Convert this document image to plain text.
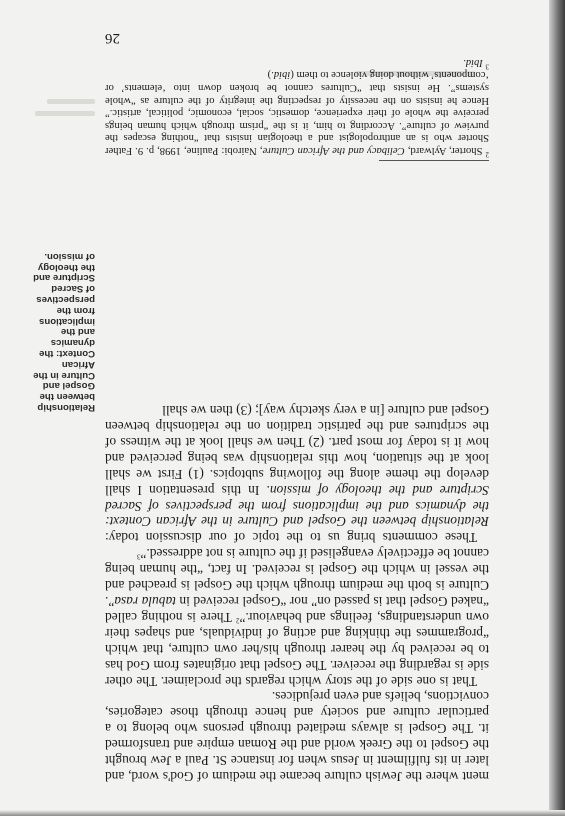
ment where the Jewish culture became the medium of God's word, and later in its fulfilment in Jesus when for instance St. Paul a Jew brought the Gospel to the Greek world and the Roman empire and transformed it. The Gospel is always mediated through persons who belong to a particular culture and society and hence through those categories, convictions, beliefs and even prejudices.

That is one side of the story which regards the proclaimer. The other side is regarding the receiver. The Gospel that originates from God has to be received by the hearer through his/her own culture, that which “programmes the thinking and acting of individuals, and shapes their own understandings, feelings and behaviour.”$^2$ There is nothing called “naked Gospel that is passed on” nor “Gospel received in tabula rasa”. Culture is both the medium through which the Gospel is preached and the vessel in which the Gospel is received. In fact, “the human being cannot be effectively evangelised if the culture is not addressed.”$^3$

These comments bring us to the topic of our discussion today: Relationship between the Gospel and Culture in the African Context: the dynamics and the implications from the perspectives of Sacred Scripture and the theology of mission. In this presentation I shall develop the theme along the following subtopics. (1) First we shall look at the situation, how this relationship was being perceived and how it is today for most part. (2) Then we shall look at the witness of the scriptures and the patristic tradition on the relationship between Gospel and culture [in a very sketchy way]; (3) then we shall

Relationship between the Gospel and Culture in the African Context: the dynamics and the implications from the perspectives of Sacred Scripture and the theology of mission.

$^2$ Shorter, Aylward, Celibacy and the African Culture, Nairobi: Pauline, 1998, p. 9. Father Shorter who is an anthropologist and a theologian insists that “nothing escapes the purview of culture”. According to him, it is the “prism through which human beings perceive the whole of their experience, domestic, social, economic, political, artistic.” Hence he insists on the necessity of respecting the integrity of the culture as “whole systems”. He insists that “Cultures cannot be broken down into ‘elements’ or ‘components’ without doing violence to them (ibid.)

$^3$ Ibid.

26
